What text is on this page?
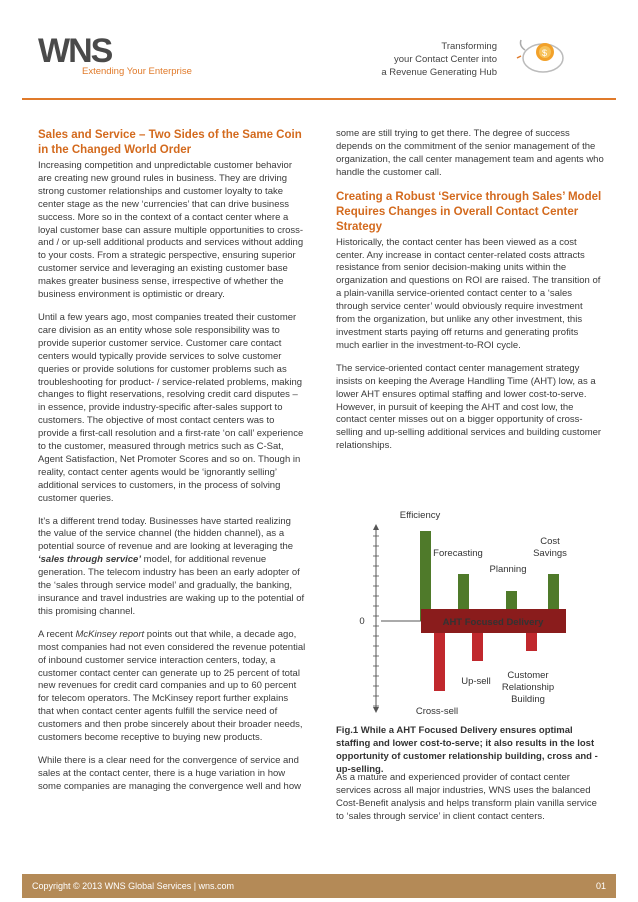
WNS
Extending Your Enterprise
Transforming
your Contact Center into
a Revenue Generating Hub
$
Sales and Service – Two Sides of the Same Coin in the Changed World Order

Increasing competition and unpredictable customer behavior are creating new ground rules in business. They are driving strong customer relationships and customer loyalty to take center stage as the new ‘currencies’ that can drive business success. More so in the context of a contact center where a loyal customer base can assure multiple opportunities to cross- and / or up-sell additional products and services without adding to your costs. From a strategic perspective, ensuring superior customer service and leveraging an existing customer base makes greater business sense, irrespective of whether the business environment is optimistic or dreary.

Until a few years ago, most companies treated their customer care division as an entity whose sole responsibility was to provide superior customer service. Customer care contact centers would typically provide services to solve customer queries or provide solutions for customer problems such as troubleshooting for product- / service-related problems, making changes to flight reservations, resolving credit card disputes – in essence, provide industry-specific after-sales support to customers. The objective of most contact centers was to provide a first-call resolution and a first-rate ‘on call’ experience to the customer, measured through metrics such as C-Sat, Agent Satisfaction, Net Promoter Scores and so on. Though in reality, contact center agents would be ‘ignorantly selling’ additional services to customers, in the process of solving customer queries.

It’s a different trend today. Businesses have started realizing the value of the service channel (the hidden channel), as a potential source of revenue and are looking at leveraging the ‘sales through service’ model, for additional revenue generation. The telecom industry has been an early adopter of the ‘sales through service model’ and gradually, the banking, insurance and travel industries are waking up to the potential of this promising channel.

A recent McKinsey report points out that while, a decade ago, most companies had not even considered the revenue potential of inbound customer service interaction centers, today, a customer contact center can generate up to 25 percent of total new revenues for credit card companies and up to 60 percent for telecom operators. The McKinsey report further explains that when contact center agents fulfill the service need of customers and then probe sincerely about their broader needs, customers become receptive to buying new products.

While there is a clear need for the convergence of service and sales at the contact center, there is a huge variation in how some companies are managing the convergence well and how

some are still trying to get there. The degree of success depends on the commitment of the senior management of the organization, the call center management team and agents who handle the customer call.

Creating a Robust ‘Service through Sales’ Model Requires Changes in Overall Contact Center Strategy

Historically, the contact center has been viewed as a cost center. Any increase in contact center-related costs attracts resistance from senior decision-making units within the organization and questions on ROI are raised. The transition of a plain-vanilla service-oriented contact center to a ‘sales through service center’ would obviously require investment from the organization, but unlike any other investment, this investment starts paying off returns and generating profits much earlier in the investment-to-ROI cycle.

The service-oriented contact center management strategy insists on keeping the Average Handling Time (AHT) low, as a lower AHT ensures optimal staffing and lower cost-to-serve. However, in pursuit of keeping the AHT and cost low, the contact center misses out on a bigger opportunity of cross-selling and up-selling additional services and building customer relationships.

0	AHT Focused Delivery
Efficiency
Forecasting
Planning
Cost Savings
Cross-sell
Up-sell
Customer Relationship Building
Fig.1 While a AHT Focused Delivery ensures optimal staffing and lower cost-to-serve; it also results in the lost opportunity of customer relationship building, cross and -up-selling.
As a mature and experienced provider of contact center services across all major industries, WNS uses the balanced Cost-Benefit analysis and helps transform plain vanilla service to ‘sales through service’ in client contact centers.
Copyright © 2013 WNS Global Services | wns.com	01
